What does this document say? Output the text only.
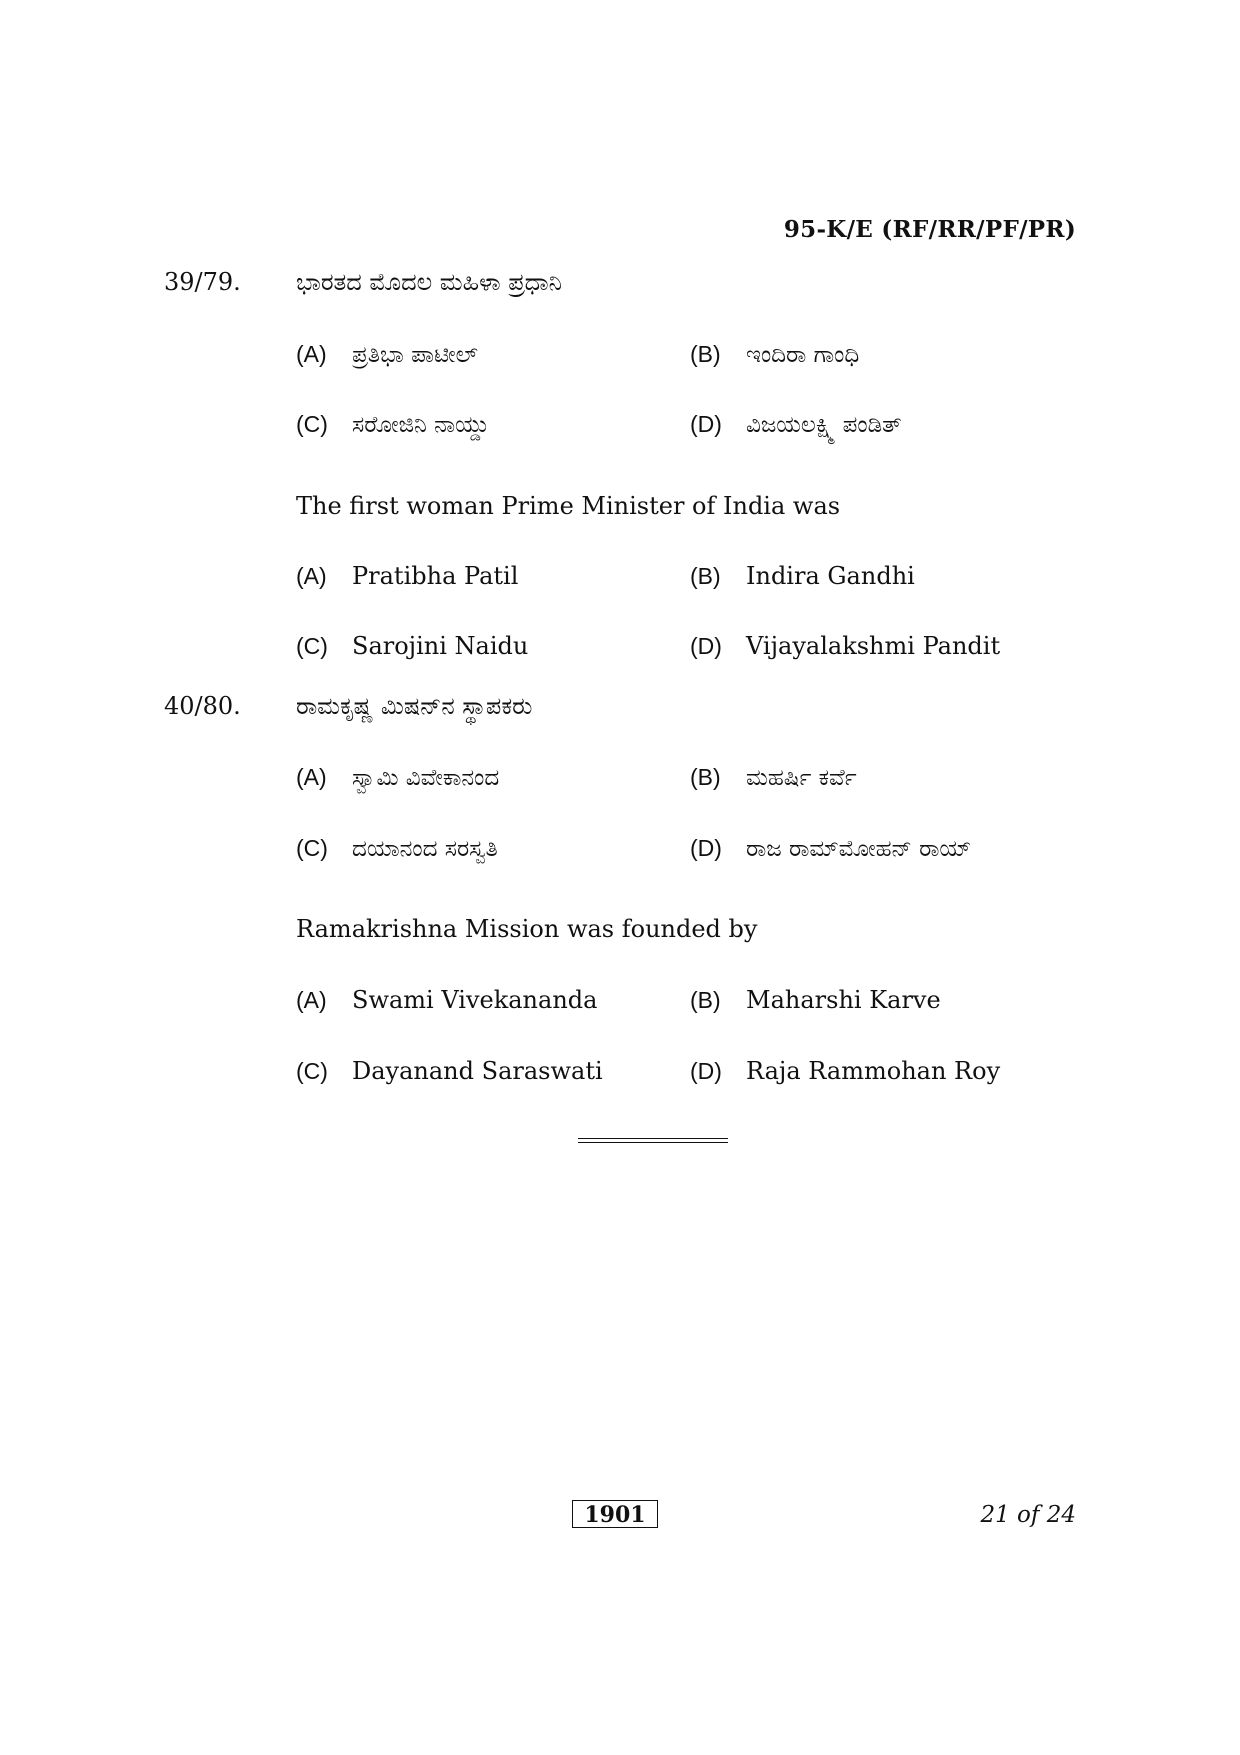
95-K/E (RF/RR/PF/PR)
39/79. ಭಾರತದ ಮೊದಲ ಮಹಿಳಾ ಪ್ರಧಾನಿ
(A) ಪ್ರತಿಭಾ ಪಾಟೀಲ್	(B) ಇಂದಿರಾ ಗಾಂಧಿ
(C) ಸರೋಜಿನಿ ನಾಯ್ಡು	(D) ವಿಜಯಲಕ್ಷ್ಮಿ ಪಂಡಿತ್
The first woman Prime Minister of India was
(A) Pratibha Patil	(B) Indira Gandhi
(C) Sarojini Naidu	(D) Vijayalakshmi Pandit
40/80. ರಾಮಕೃಷ್ಣ ಮಿಷನ್‌ನ ಸ್ಥಾಪಕರು
(A) ಸ್ವಾಮಿ ವಿವೇಕಾನಂದ	(B) ಮಹರ್ಷಿ ಕರ್ವೆ
(C) ದಯಾನಂದ ಸರಸ್ವತಿ	(D) ರಾಜ ರಾಮ್‌ಮೋಹನ್ ರಾಯ್
Ramakrishna Mission was founded by
(A) Swami Vivekananda	(B) Maharshi Karve
(C) Dayanand Saraswati	(D) Raja Rammohan Roy
1901	21 of 24
